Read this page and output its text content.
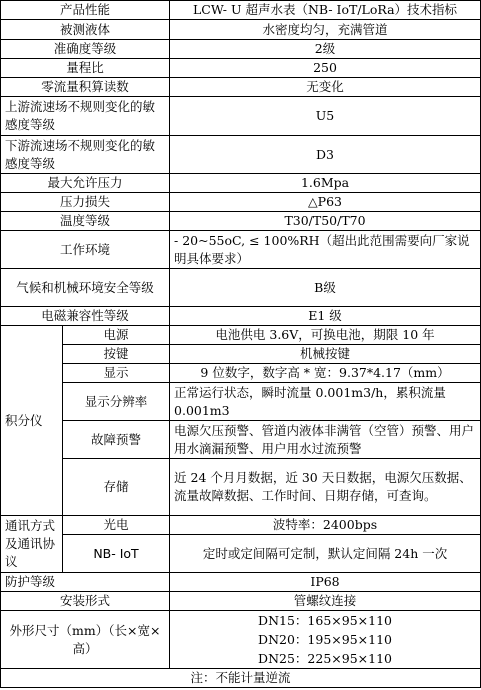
产品性能		LCW- U 超声水表（NB- IoT/LoRa）技术指标
被测液体		水密度均匀，充满管道
准确度等级		2级
量程比		250
零流量积算读数		无变化
上游流速场不规则变化的敏感度等级		U5
下游流速场不规则变化的敏感度等级		D3
最大允许压力		1.6Mpa
压力损失		△P63
温度等级		T30/T50/T70
工作环境		- 20~55oC, ≤ 100%RH（超出此范围需要向厂家说明具体要求）
气候和机械环境安全等级		B级
电磁兼容性等级		E1 级
积分仪	电源	电池供电 3.6V，可换电池，期限 10 年
	按键	机械按键
	显示	9 位数字，数字高 * 宽：9.37*4.17（mm）
	显示分辨率	正常运行状态，瞬时流量 0.001m3/h，累积流量 0.001m3
	故障预警	电源欠压预警、管道内液体非满管（空管）预警、用户用水滴漏预警、用户用水过流预警
	存储	近 24 个月月数据，近 30 天日数据，电源欠压数据、流量故障数据、工作时间、日期存储，可查询。
通讯方式及通讯协议	光电	波特率：2400bps
	NB- IoT	定时或定间隔可定制，默认定间隔 24h 一次
防护等级		IP68
安装形式		管螺纹连接
外形尺寸（mm）（长×宽×高）		DN15：165×95×110
DN20：195×95×110
DN25：225×95×110

注：不能计量逆流		
